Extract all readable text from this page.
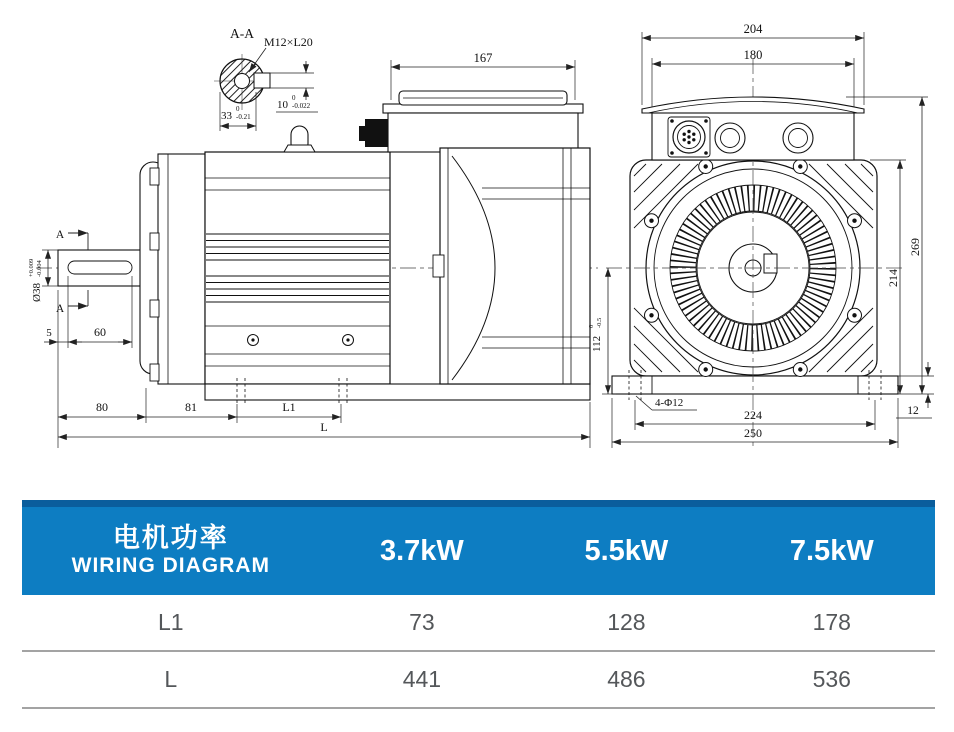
A-A
M12×L20
33
0
-0.21
10
0
-0.022
167
A
A
Ø38
+0.009 -0.004
5	60
80	81	L1
L
204
180
214
269
12
112
0 -0.5
4-Φ12
224
250
电机功率
WIRING DIAGRAM	3.7kW	5.5kW	7.5kW
L1	73	128	178
L	441	486	536
